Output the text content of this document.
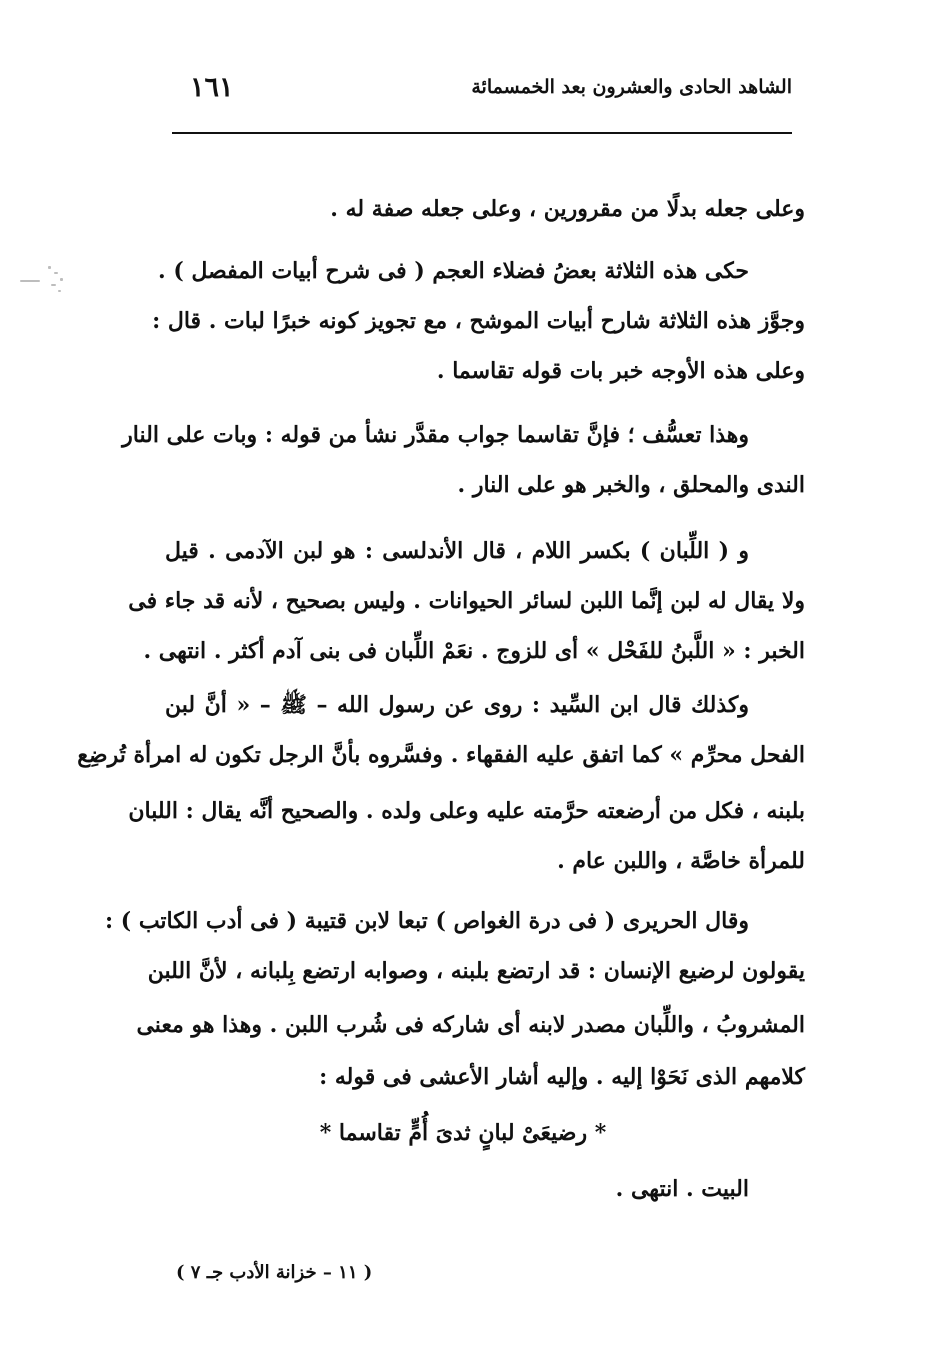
الشاهد الحادى والعشرون بعد الخمسمائة
١٦١
وعلى جعله بدلًا من مقرورين ، وعلى جعله صفة له .
حكى هذه الثلاثة بعضُ فضلاء العجم ( فى شرح أبيات المفصل ) .
وجوَّز هذه الثلاثة شارح أبيات الموشح ، مع تجويز كونه خبرًا لبات . قال :
وعلى هذه الأوجه خبر بات قوله تقاسما .
وهذا تعسُّف ؛ فإنَّ تقاسما جواب مقدَّر نشأ من قوله : وبات على النار
الندى والمحلق ، والخبر هو على النار .
و ( اللِّبان ) بكسر اللام ، قال الأندلسى : هو لبن الآدمى . قيل
ولا يقال له لبن إنَّما اللبن لسائر الحيوانات . وليس بصحيح ، لأنه قد جاء فى
الخبر : « اللَّبنُ للفَحْل » أى للزوج . نعَمْ اللِّبان فى بنى آدم أكثر . انتهى .
وكذلك قال ابن السِّيد : روى عن رسول الله – ﷺ – « أنَّ لبن
الفحل محرِّم » كما اتفق عليه الفقهاء . وفسَّروه بأنَّ الرجل تكون له امرأة تُرضِع
بلبنه ، فكل من أرضعته حرَّمته عليه وعلى ولده . والصحيح أنَّه يقال : اللبان
للمرأة خاصَّة ، واللبن عام .
وقال الحريرى ( فى درة الغواص ) تبعا لابن قتيبة ( فى أدب الكاتب ) :
يقولون لرضيع الإنسان : قد ارتضع بلبنه ، وصوابه ارتضع بِلبانه ، لأنَّ اللبن
المشروبُ ، واللِّبان مصدر لابنه أى شاركه فى شُرب اللبن . وهذا هو معنى
كلامهم الذى نَحَوْا إليه . وإليه أشار الأعشى فى قوله :
* رضيعَىْ لبانٍ ثدىَ أُمٍّ تقاسما *
البيت . انتهى .
( ١١ – خزانة الأدب جـ ٧ )
